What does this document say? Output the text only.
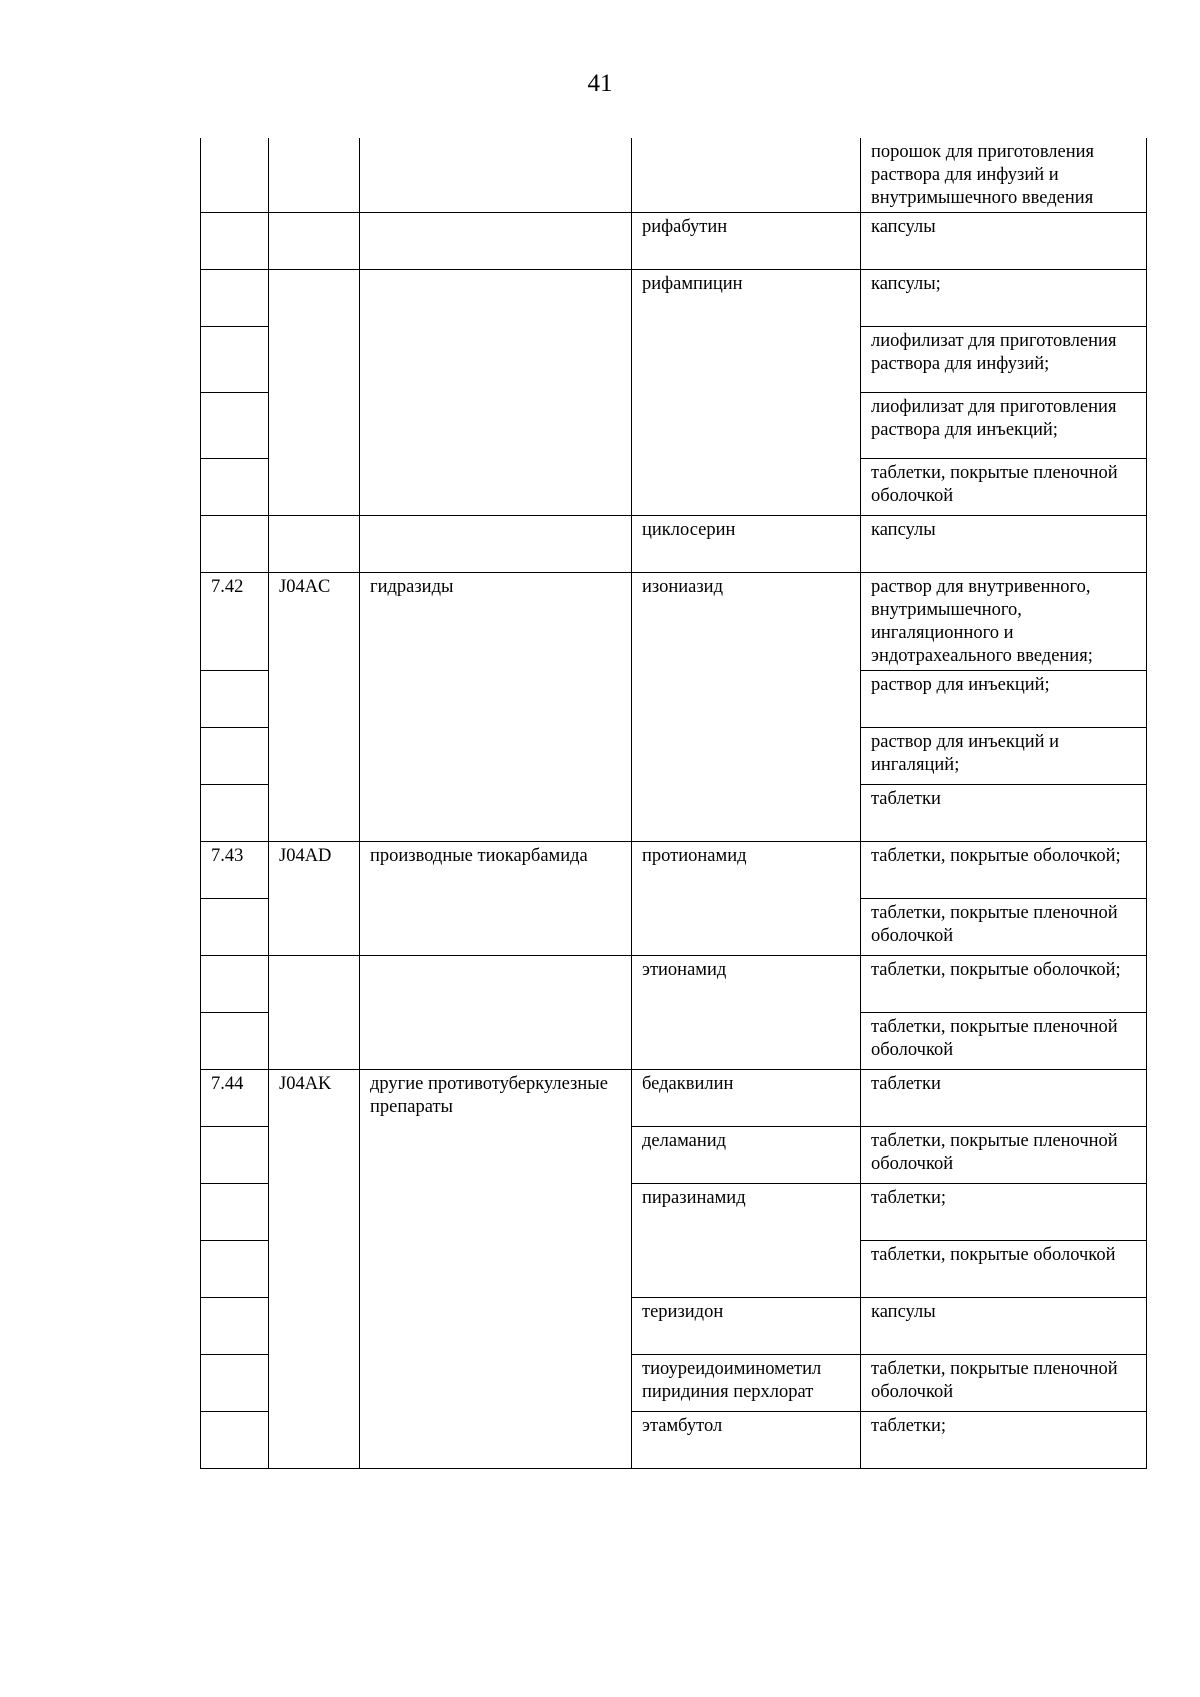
41
				порошок для приготовления раствора для инфузий и внутримышечного введения
			рифабутин	капсулы
			рифампицин	капсулы;
				лиофилизат для приготовления раствора для инфузий;
				лиофилизат для приготовления раствора для инъекций;
				таблетки, покрытые пленочной оболочкой
			циклосерин	капсулы
7.42	J04AC	гидразиды	изониазид	раствор для внутривенного, внутримышечного, ингаляционного и эндотрахеального введения;
				раствор для инъекций;
				раствор для инъекций и ингаляций;
				таблетки
7.43	J04AD	производные тиокарбамида	протионамид	таблетки, покрытые оболочкой;
				таблетки, покрытые пленочной оболочкой
			этионамид	таблетки, покрытые оболочкой;
				таблетки, покрытые пленочной оболочкой
7.44	J04AK	другие противотуберкулезные препараты	бедаквилин	таблетки
			деламанид	таблетки, покрытые пленочной оболочкой
			пиразинамид	таблетки;
				таблетки, покрытые оболочкой
			теризидон	капсулы
			тиоуреидоиминометил пиридиния перхлорат	таблетки, покрытые пленочной оболочкой
			этамбутол	таблетки;
